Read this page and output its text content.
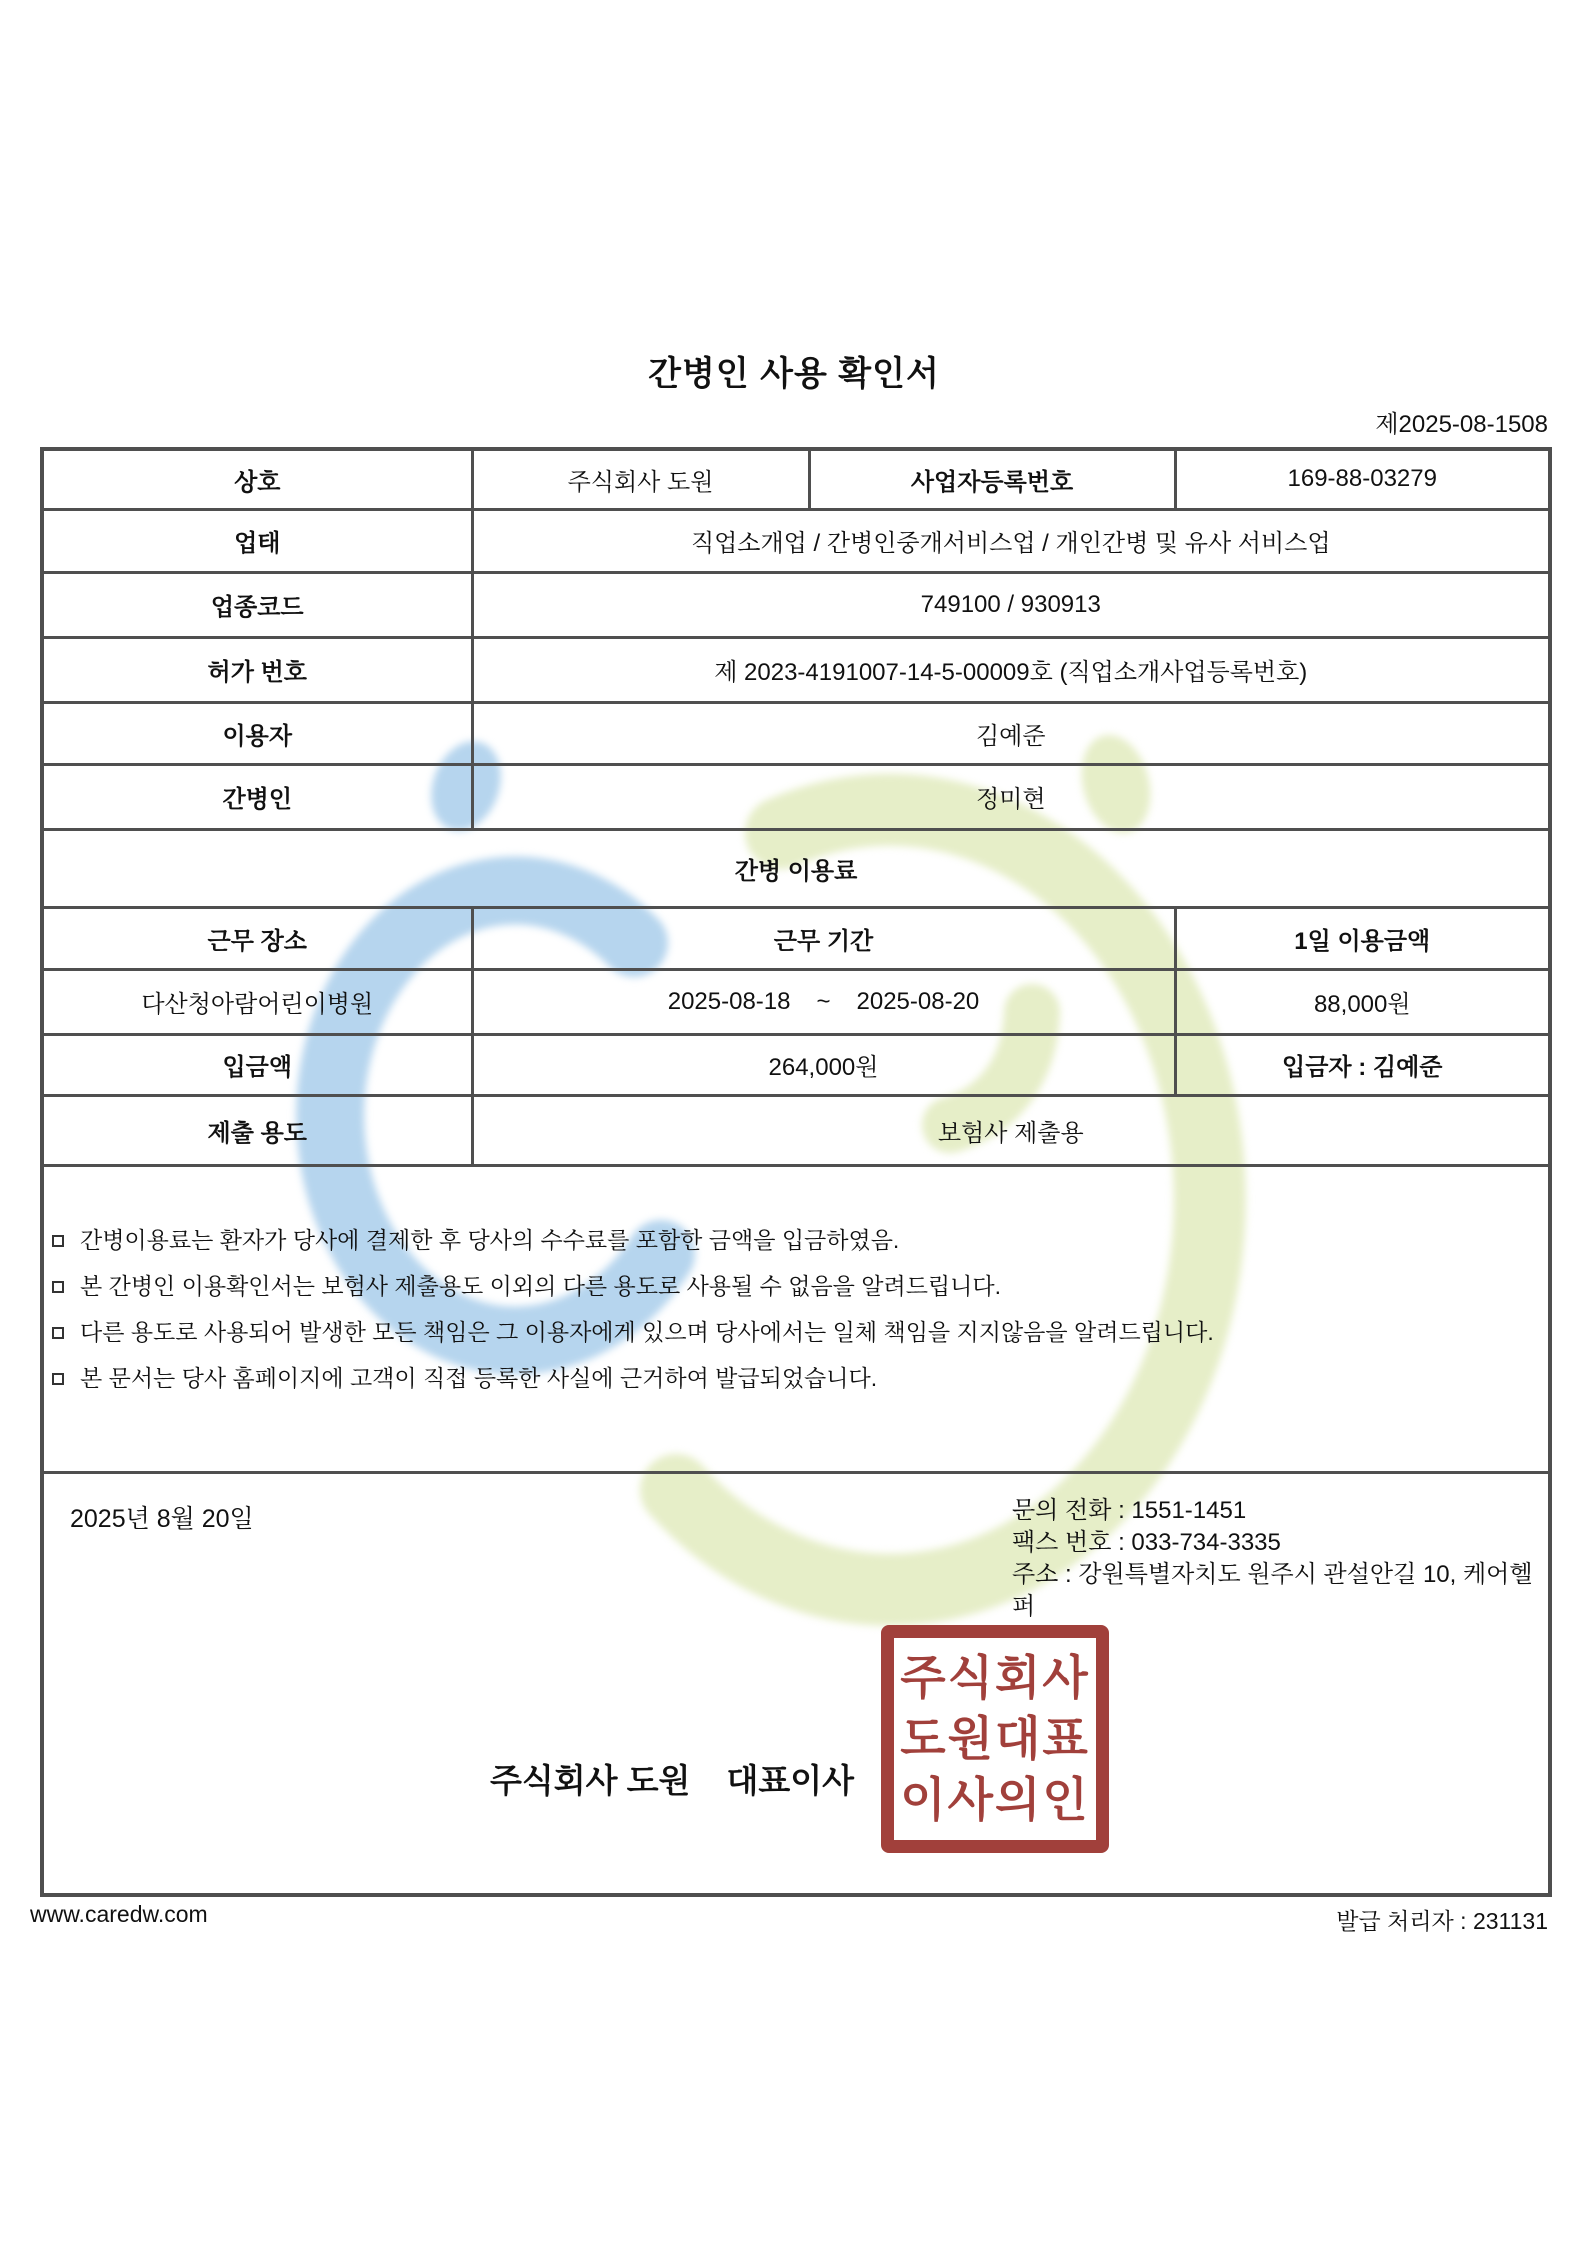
간병인 사용 확인서
제2025-08-1508
상호	주식회사 도원	사업자등록번호	169-88-03279
업태	직업소개업 / 간병인중개서비스업 / 개인간병 및 유사 서비스업		
업종코드	749100 / 930913		
허가 번호	제 2023-4191007-14-5-00009호 (직업소개사업등록번호)		
이용자	김예준		
간병인	정미현		
간병 이용료			
근무 장소	근무 기간		1일 이용금액
다산청아람어린이병원	2025-08-18 ~ 2025-08-20		88,000원
입금액	264,000원		입금자 : 김예준
제출 용도	보험사 제출용		

간병이용료는 환자가 당사에 결제한 후 당사의 수수료를 포함한 금액을 입금하였음.
본 간병인 이용확인서는 보험사 제출용도 이외의 다른 용도로 사용될 수 없음을 알려드립니다.
다른 용도로 사용되어 발생한 모든 책임은 그 이용자에게 있으며 당사에서는 일체 책임을 지지않음을 알려드립니다.
본 문서는 당사 홈페이지에 고객이 직접 등록한 사실에 근거하여 발급되었습니다.			

2025년 8월 20일	문의 전화 : 1551-1451
팩스 번호 : 033-734-3335
주소 : 강원특별자치도 원주시 관설안길 10, 케어헬퍼
주식회사 도원 대표이사
주식회사
도원대표
이사의인
www.caredw.com	발급 처리자 : 231131
